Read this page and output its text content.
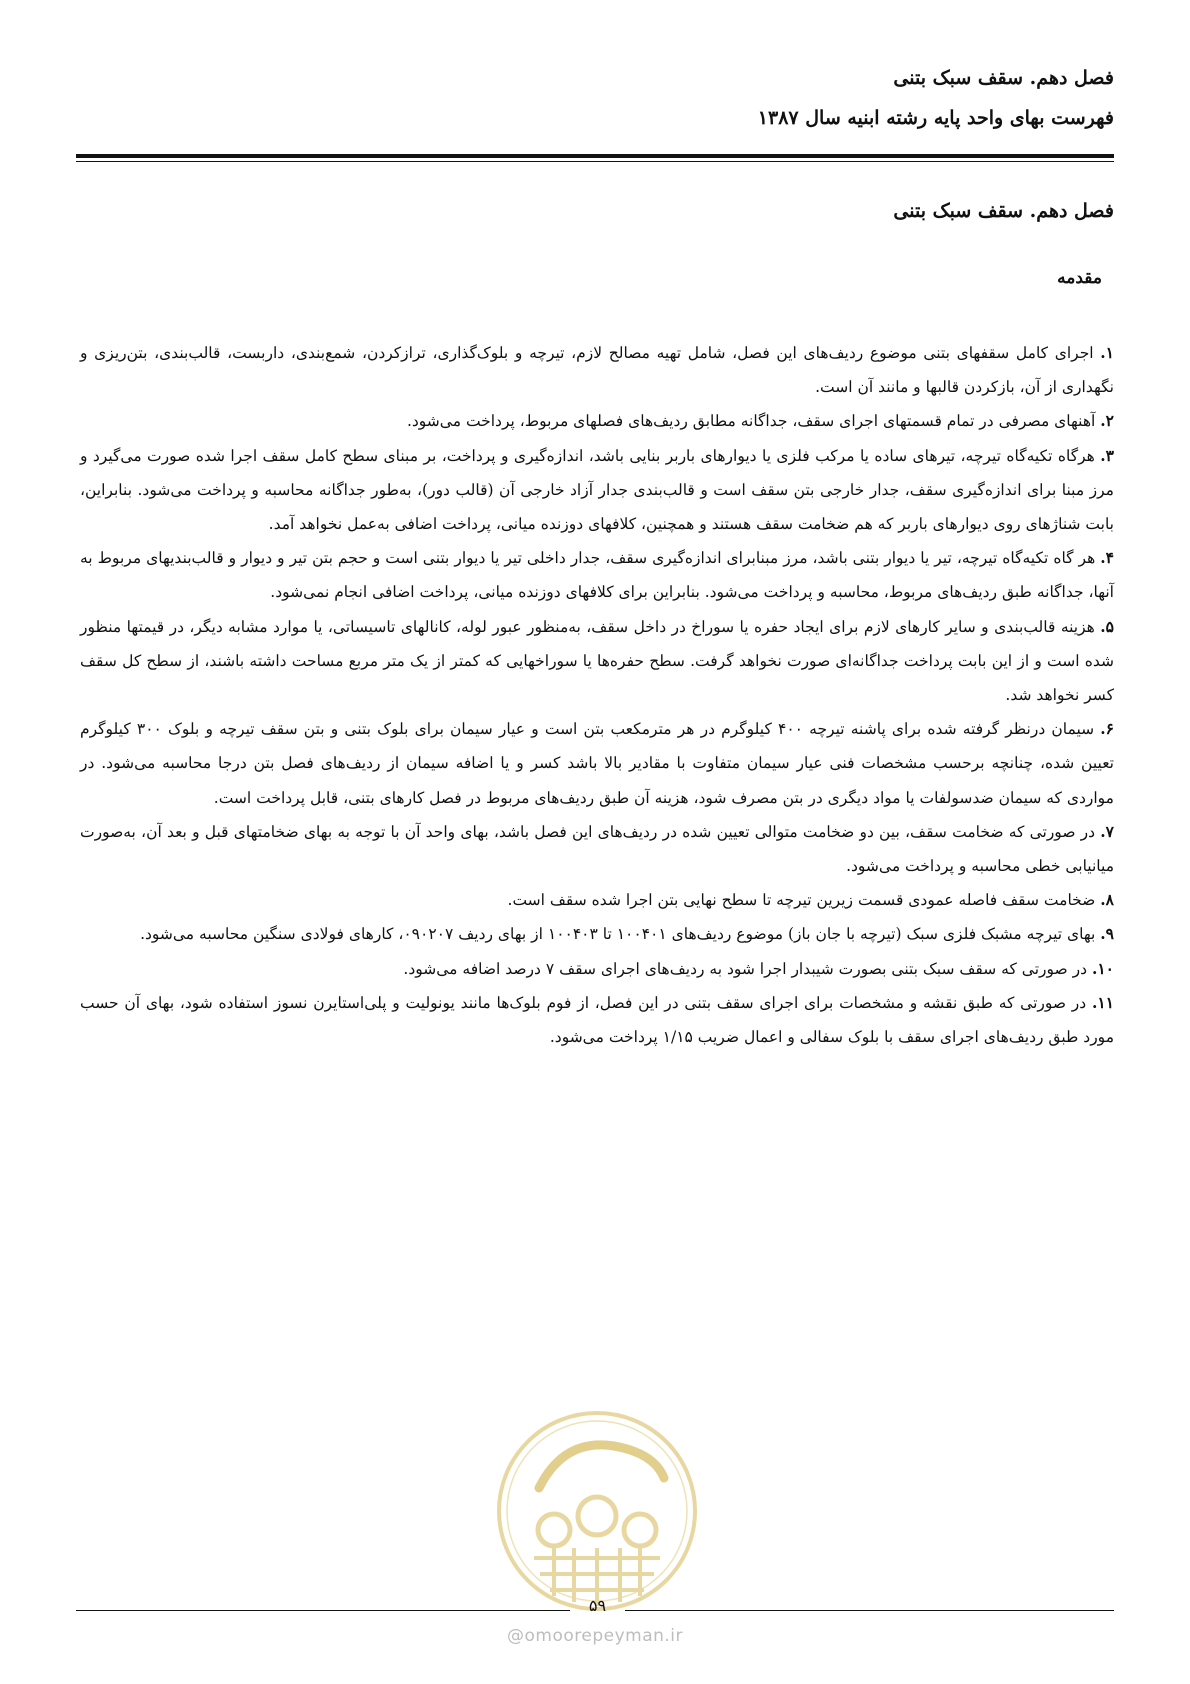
فصل دهم. سقف سبک بتنی
فهرست بهای واحد پایه رشته ابنیه سال ۱۳۸۷
فصل دهم. سقف سبک بتنی
مقدمه

۱. اجرای کامل سقفهای بتنی موضوع ردیف‌های این فصل، شامل تهیه مصالح لازم، تیرچه و بلوک‌گذاری، ترازکردن، شمع‌بندی، داربست، قالب‌بندی، بتن‌ریزی و نگهداری از آن، بازکردن قالبها و مانند آن است.

۲. آهنهای مصرفی در تمام قسمتهای اجرای سقف، جداگانه مطابق ردیف‌های فصلهای مربوط، پرداخت می‌شود.

۳. هرگاه تکیه‌گاه تیرچه، تیرهای ساده یا مرکب فلزی یا دیوارهای باربر بنایی باشد، اندازه‌گیری و پرداخت، بر مبنای سطح کامل سقف اجرا شده صورت می‌گیرد و مرز مبنا برای اندازه‌گیری سقف، جدار خارجی بتن سقف است و قالب‌بندی جدار آزاد خارجی آن (قالب دور)، به‌طور جداگانه محاسبه و پرداخت می‌شود. بنابراین، بابت شناژهای روی دیوارهای باربر که هم ضخامت سقف هستند و همچنین، کلافهای دوزنده میانی، پرداخت اضافی به‌عمل نخواهد آمد.

۴. هر گاه تکیه‌گاه تیرچه، تیر یا دیوار بتنی باشد، مرز مبنابرای اندازه‌گیری سقف، جدار داخلی تیر یا دیوار بتنی است و حجم بتن تیر و دیوار و قالب‌بندیهای مربوط به آنها، جداگانه طبق ردیف‌های مربوط، محاسبه و پرداخت می‌شود. بنابراین برای کلافهای دوزنده میانی، پرداخت اضافی انجام نمی‌شود.

۵. هزینه قالب‌بندی و سایر کارهای لازم برای ایجاد حفره یا سوراخ در داخل سقف، به‌منظور عبور لوله، کانالهای تاسیساتی، یا موارد مشابه دیگر، در قیمتها منظور شده است و از این بابت پرداخت جداگانه‌ای صورت نخواهد گرفت. سطح حفره‌ها یا سوراخهایی که کمتر از یک متر مربع مساحت داشته باشند، از سطح کل سقف کسر نخواهد شد.

۶. سیمان درنظر گرفته شده برای پاشنه تیرچه ۴۰۰ کیلوگرم در هر مترمکعب بتن است و عیار سیمان برای بلوک بتنی و بتن سقف تیرچه و بلوک ۳۰۰ کیلوگرم تعیین شده، چنانچه برحسب مشخصات فنی عیار سیمان متفاوت با مقادیر بالا باشد کسر و یا اضافه سیمان از ردیف‌های فصل بتن درجا محاسبه می‌شود. در مواردی که سیمان ضدسولفات یا مواد دیگری در بتن مصرف شود، هزینه آن طبق ردیف‌های مربوط در فصل کارهای بتنی، قابل پرداخت است.

۷. در صورتی که ضخامت سقف، بین دو ضخامت متوالی تعیین شده در ردیف‌های این فصل باشد، بهای واحد آن با توجه به بهای ضخامتهای قبل و بعد آن، به‌صورت میانیابی خطی محاسبه و پرداخت می‌شود.

۸. ضخامت سقف فاصله عمودی قسمت زیرین تیرچه تا سطح نهایی بتن اجرا شده سقف است.

۹. بهای تیرچه مشبک فلزی سبک (تیرچه با جان باز) موضوع ردیف‌های ۱۰۰۴۰۱ تا ۱۰۰۴۰۳ از بهای ردیف ۰۹۰۲۰۷، کارهای فولادی سنگین محاسبه می‌شود.

۱۰. در صورتی که سقف سبک بتنی بصورت شیبدار اجرا شود به ردیف‌های اجرای سقف ۷ درصد اضافه می‌شود.

۱۱. در صورتی که طبق نقشه و مشخصات برای اجرای سقف بتنی در این فصل، از فوم بلوک‌ها مانند یونولیت و پلی‌استایرن نسوز استفاده شود، بهای آن حسب مورد طبق ردیف‌های اجرای سقف با بلوک سفالی و اعمال ضریب ۱/۱۵ پرداخت می‌شود.

۵۹
@omoorepeyman.ir
